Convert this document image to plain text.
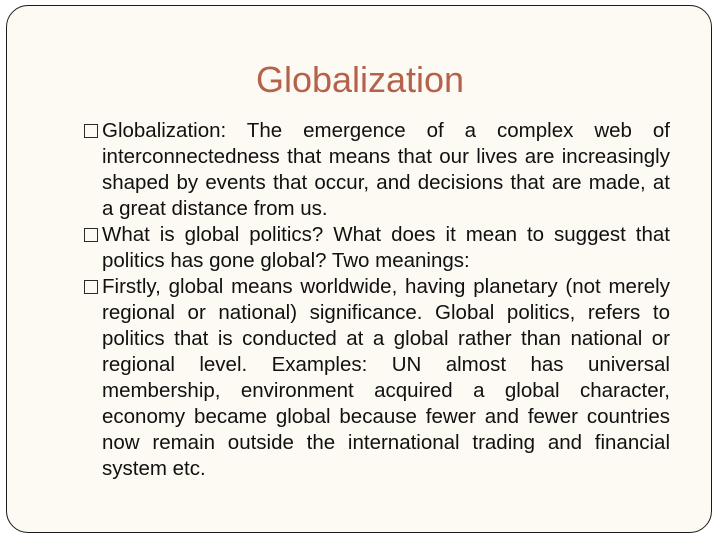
Globalization

Globalization: The emergence of a complex web of interconnectedness that means that our lives are increasingly shaped by events that occur, and decisions that are made, at a great distance from us.

What is global politics? What does it mean to suggest that politics has gone global? Two meanings:

Firstly, global means worldwide, having planetary (not merely regional or national) significance. Global politics, refers to politics that is conducted at a global rather than national or regional level. Examples: UN almost has universal membership, environment acquired a global character, economy became global because fewer and fewer countries now remain outside the international trading and financial system etc.
